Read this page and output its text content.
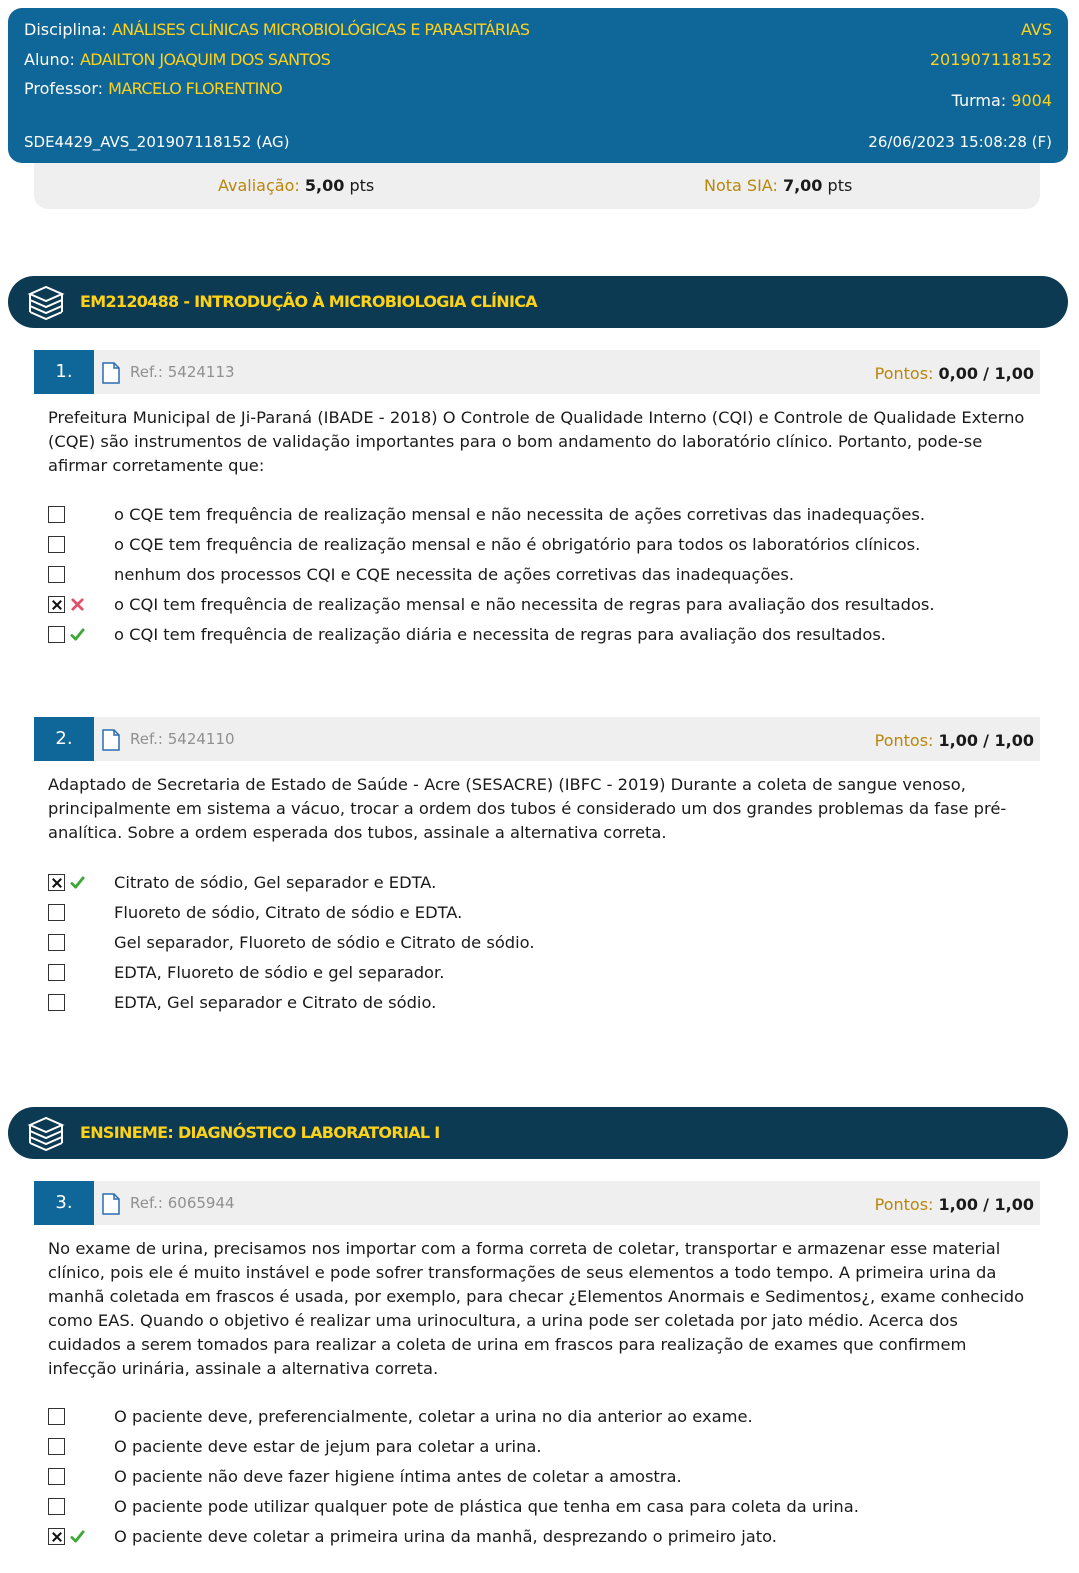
Disciplina: ANÁLISES CLÍNICAS MICROBIOLÓGICAS E PARASITÁRIAS
Aluno: ADAILTON JOAQUIM DOS SANTOS
Professor: MARCELO FLORENTINO
AVS
201907118152
Turma: 9004
SDE4429_AVS_201907118152 (AG)	26/06/2023 15:08:28 (F)
Avaliação: 5,00 pts	Nota SIA: 7,00 pts
EM2120488 - INTRODUÇÃO À MICROBIOLOGIA CLÍNICA
1.	Ref.: 5424113	Pontos: 0,00 / 1,00
Prefeitura Municipal de Ji-Paraná (IBADE - 2018) O Controle de Qualidade Interno (CQI) e Controle de Qualidade Externo (CQE) são instrumentos de validação importantes para o bom andamento do laboratório clínico. Portanto, pode-se afirmar corretamente que:
o CQE tem frequência de realização mensal e não necessita de ações corretivas das inadequações.
o CQE tem frequência de realização mensal e não é obrigatório para todos os laboratórios clínicos.
nenhum dos processos CQI e CQE necessita de ações corretivas das inadequações.
o CQI tem frequência de realização mensal e não necessita de regras para avaliação dos resultados.
o CQI tem frequência de realização diária e necessita de regras para avaliação dos resultados.
2.	Ref.: 5424110	Pontos: 1,00 / 1,00
Adaptado de Secretaria de Estado de Saúde - Acre (SESACRE) (IBFC - 2019) Durante a coleta de sangue venoso, principalmente em sistema a vácuo, trocar a ordem dos tubos é considerado um dos grandes problemas da fase pré-analítica. Sobre a ordem esperada dos tubos, assinale a alternativa correta.
Citrato de sódio, Gel separador e EDTA.
Fluoreto de sódio, Citrato de sódio e EDTA.
Gel separador, Fluoreto de sódio e Citrato de sódio.
EDTA, Fluoreto de sódio e gel separador.
EDTA, Gel separador e Citrato de sódio.
ENSINEME: DIAGNÓSTICO LABORATORIAL I
3.	Ref.: 6065944	Pontos: 1,00 / 1,00
No exame de urina, precisamos nos importar com a forma correta de coletar, transportar e armazenar esse material clínico, pois ele é muito instável e pode sofrer transformações de seus elementos a todo tempo. A primeira urina da manhã coletada em frascos é usada, por exemplo, para checar ¿Elementos Anormais e Sedimentos¿, exame conhecido como EAS. Quando o objetivo é realizar uma urinocultura, a urina pode ser coletada por jato médio. Acerca dos cuidados a serem tomados para realizar a coleta de urina em frascos para realização de exames que confirmem infecção urinária, assinale a alternativa correta.
O paciente deve, preferencialmente, coletar a urina no dia anterior ao exame.
O paciente deve estar de jejum para coletar a urina.
O paciente não deve fazer higiene íntima antes de coletar a amostra.
O paciente pode utilizar qualquer pote de plástica que tenha em casa para coleta da urina.
O paciente deve coletar a primeira urina da manhã, desprezando o primeiro jato.
